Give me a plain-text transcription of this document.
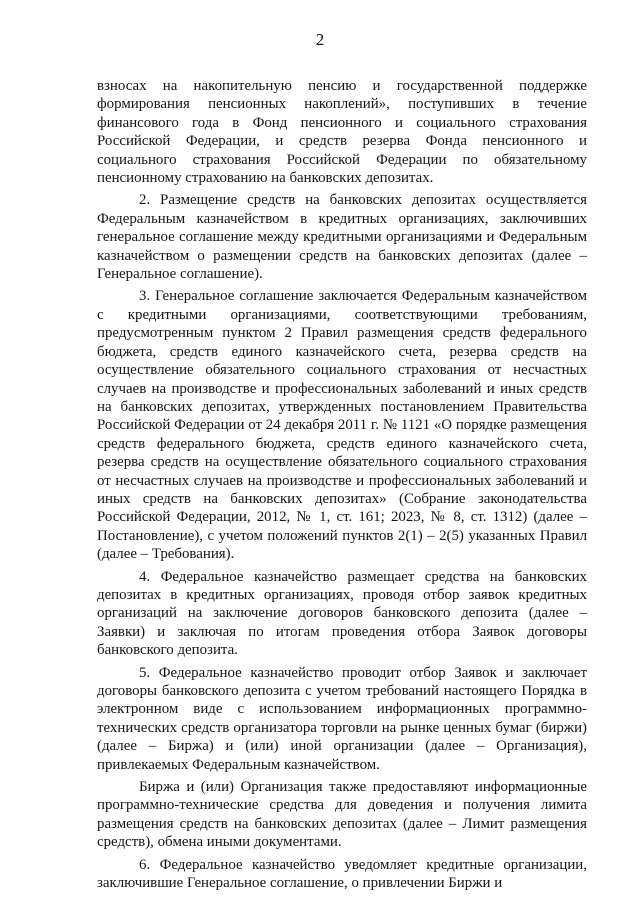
2

взносах на накопительную пенсию и государственной поддержке формирования пенсионных накоплений», поступивших в течение финансового года в Фонд пенсионного и социального страхования Российской Федерации, и средств резерва Фонда пенсионного и социального страхования Российской Федерации по обязательному пенсионному страхованию на банковских депозитах.

2. Размещение средств на банковских депозитах осуществляется Федеральным казначейством в кредитных организациях, заключивших генеральное соглашение между кредитными организациями и Федеральным казначейством о размещении средств на банковских депозитах (далее – Генеральное соглашение).

3. Генеральное соглашение заключается Федеральным казначейством с кредитными организациями, соответствующими требованиям, предусмотренным пунктом 2 Правил размещения средств федерального бюджета, средств единого казначейского счета, резерва средств на осуществление обязательного социального страхования от несчастных случаев на производстве и профессиональных заболеваний и иных средств на банковских депозитах, утвержденных постановлением Правительства Российской Федерации от 24 декабря 2011 г. № 1121 «О порядке размещения средств федерального бюджета, средств единого казначейского счета, резерва средств на осуществление обязательного социального страхования от несчастных случаев на производстве и профессиональных заболеваний и иных средств на банковских депозитах» (Собрание законодательства Российской Федерации, 2012, № 1, ст. 161; 2023, № 8, ст. 1312) (далее – Постановление), с учетом положений пунктов 2(1) – 2(5) указанных Правил (далее – Требования).

4. Федеральное казначейство размещает средства на банковских депозитах в кредитных организациях, проводя отбор заявок кредитных организаций на заключение договоров банковского депозита (далее – Заявки) и заключая по итогам проведения отбора Заявок договоры банковского депозита.

5. Федеральное казначейство проводит отбор Заявок и заключает договоры банковского депозита с учетом требований настоящего Порядка в электронном виде с использованием информационных программно-технических средств организатора торговли на рынке ценных бумаг (биржи) (далее – Биржа) и (или) иной организации (далее – Организация), привлекаемых Федеральным казначейством.

Биржа и (или) Организация также предоставляют информационные программно-технические средства для доведения и получения лимита размещения средств на банковских депозитах (далее – Лимит размещения средств), обмена иными документами.

6. Федеральное казначейство уведомляет кредитные организации, заключившие Генеральное соглашение, о привлечении Биржи и
